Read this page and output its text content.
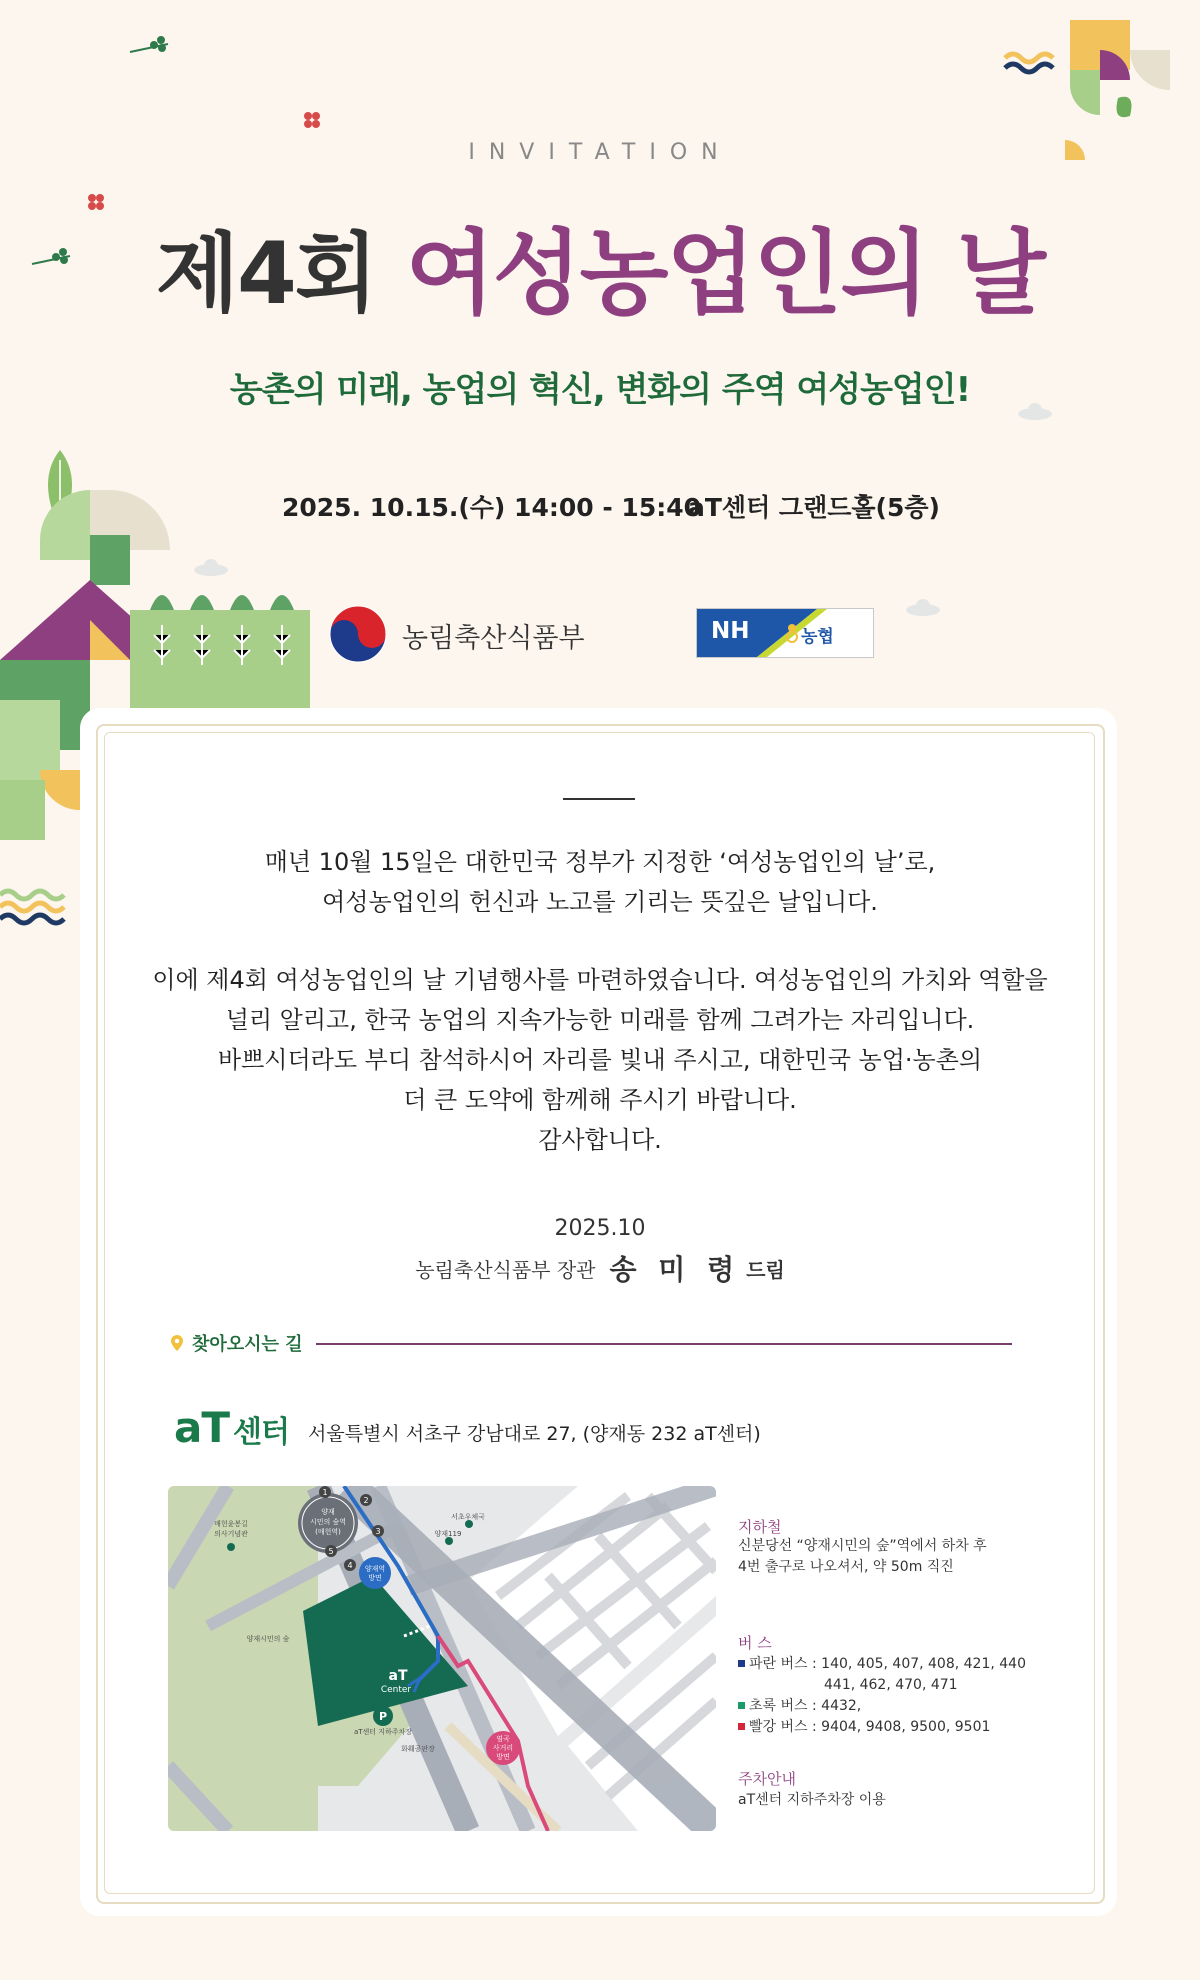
INVITATION
제4회 여성농업인의 날
농촌의 미래, 농업의 혁신, 변화의 주역 여성농업인!
2025. 10.15.(수) 14:00 - 15:40
aT센터 그랜드홀(5층)
농림축산식품부	NH	농협
매년 10월 15일은 대한민국 정부가 지정한 ‘여성농업인의 날’로,
여성농업인의 헌신과 노고를 기리는 뜻깊은 날입니다.
이에 제4회 여성농업인의 날 기념행사를 마련하였습니다. 여성농업인의 가치와 역할을
널리 알리고, 한국 농업의 지속가능한 미래를 함께 그려가는 자리입니다.
바쁘시더라도 부디 참석하시어 자리를 빛내 주시고, 대한민국 농업·농촌의
더 큰 도약에 함께해 주시기 바랍니다.
감사합니다.
2025.10
농림축산식품부 장관 송 미 령 드림
찾아오시는 길
aT 센터 서울특별시 서초구 강남대로 27, (양재동 232 aT센터)
매헌윤봉길
의사기념관
서초우체국
양재119
양재시민의 숲
aT센터 지하주차장
화훼공판장
양재
시민의 숲역
(매헌역)
양재역
방면
염곡
사거리
방면
P
1
2
3
4
5
aT
Center
지하철
신분당선 “양재시민의 숲”역에서 하차 후
4번 출구로 나오셔서, 약 50m 직진
버 스
파란 버스 : 140, 405, 407, 408, 421, 440
441, 462, 470, 471
초록 버스 : 4432,
빨강 버스 : 9404, 9408, 9500, 9501
주차안내
aT센터 지하주차장 이용
